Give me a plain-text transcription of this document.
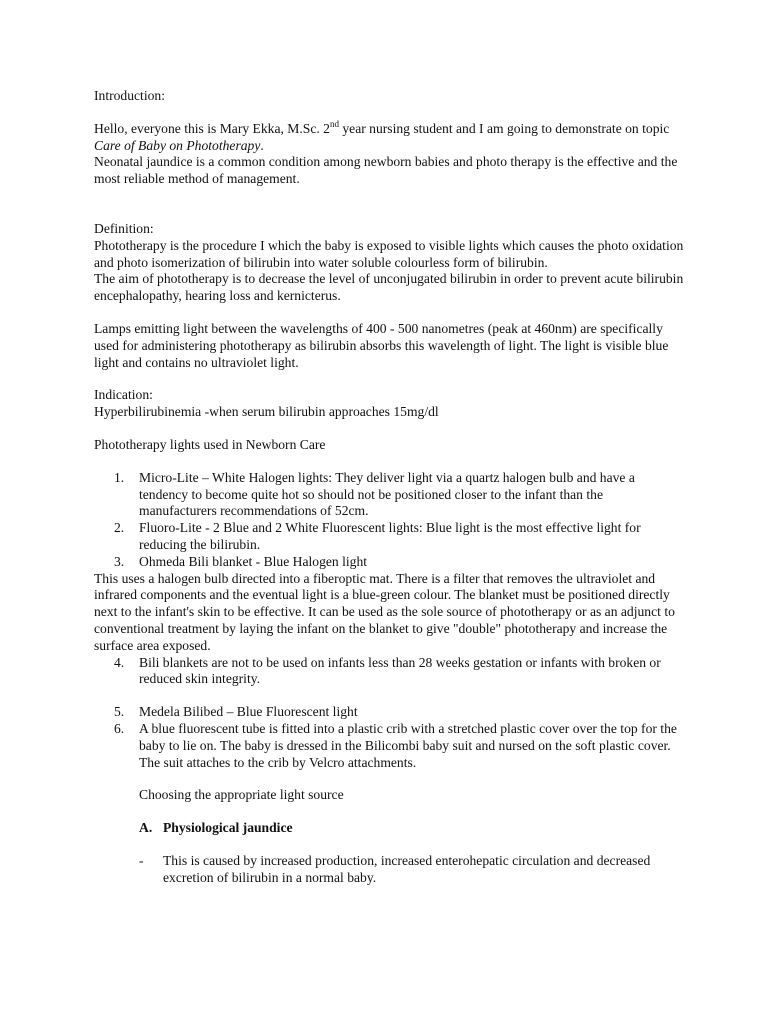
Introduction:

Hello, everyone this is Mary Ekka, M.Sc. 2nd year nursing student and I am going to demonstrate on topic Care of Baby on Phototherapy.

Neonatal jaundice is a common condition among newborn babies and photo therapy is the effective and the most reliable method of management.

Definition:

Phototherapy is the procedure I which the baby is exposed to visible lights which causes the photo oxidation and photo isomerization of bilirubin into water soluble colourless form of bilirubin.

The aim of phototherapy is to decrease the level of unconjugated bilirubin in order to prevent acute bilirubin encephalopathy, hearing loss and kernicterus.

Lamps emitting light between the wavelengths of 400 - 500 nanometres (peak at 460nm) are specifically used for administering phototherapy as bilirubin absorbs this wavelength of light. The light is visible blue light and contains no ultraviolet light.

Indication:

Hyperbilirubinemia -when serum bilirubin approaches 15mg/dl

Phototherapy lights used in Newborn Care

1. Micro-Lite – White Halogen lights: They deliver light via a quartz halogen bulb and have a tendency to become quite hot so should not be positioned closer to the infant than the manufacturers recommendations of 52cm.
2. Fluoro-Lite - 2 Blue and 2 White Fluorescent lights: Blue light is the most effective light for reducing the bilirubin.
3. Ohmeda Bili blanket - Blue Halogen light

This uses a halogen bulb directed into a fiberoptic mat. There is a filter that removes the ultraviolet and infrared components and the eventual light is a blue-green colour. The blanket must be positioned directly next to the infant's skin to be effective. It can be used as the sole source of phototherapy or as an adjunct to conventional treatment by laying the infant on the blanket to give "double" phototherapy and increase the surface area exposed.

4. Bili blankets are not to be used on infants less than 28 weeks gestation or infants with broken or reduced skin integrity.
5. Medela Bilibed – Blue Fluorescent light
6. A blue fluorescent tube is fitted into a plastic crib with a stretched plastic cover over the top for the baby to lie on. The baby is dressed in the Bilicombi baby suit and nursed on the soft plastic cover. The suit attaches to the crib by Velcro attachments.

Choosing the appropriate light source

A. Physiological jaundice
-	This is caused by increased production, increased enterohepatic circulation and decreased excretion of bilirubin in a normal baby.
